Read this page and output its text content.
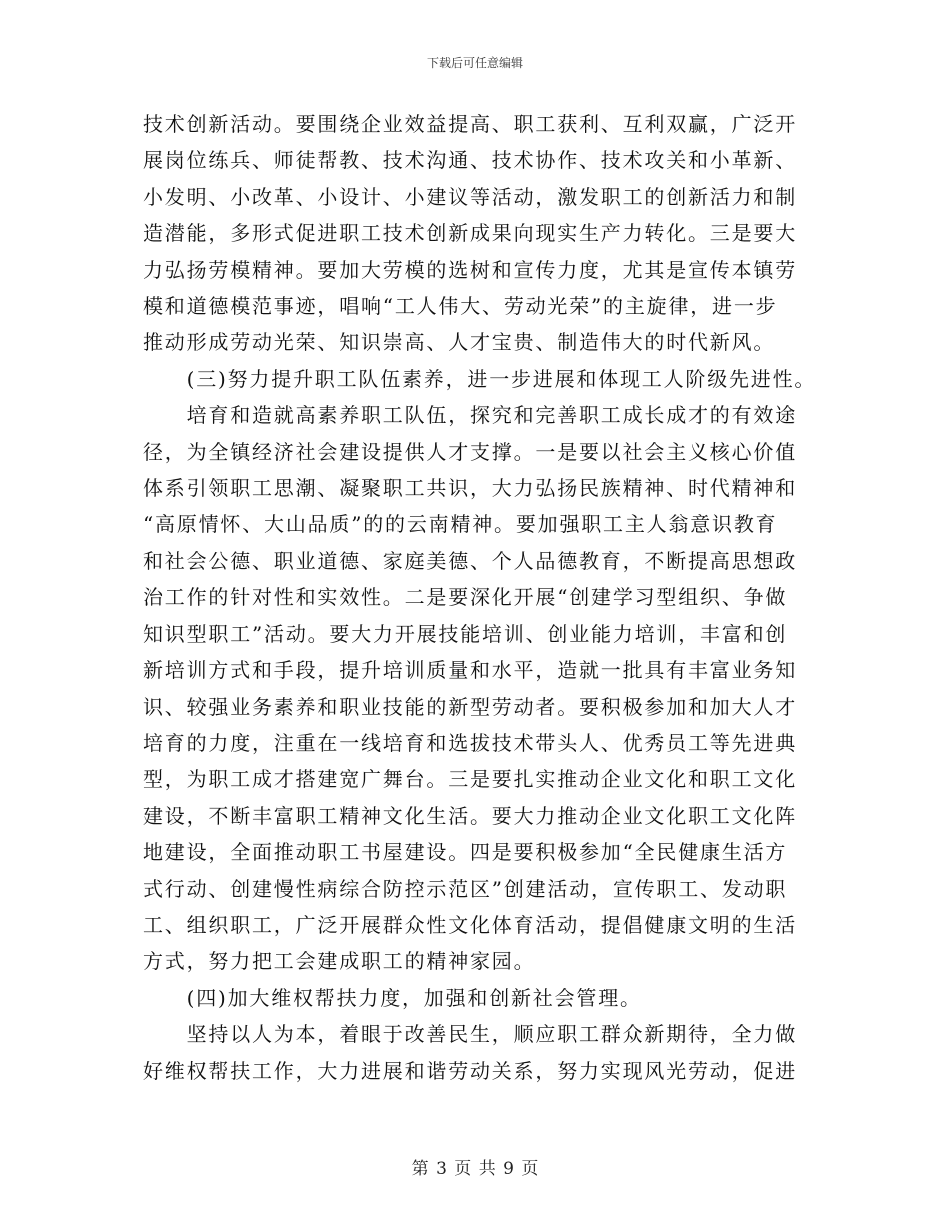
下载后可任意编辑
技术创新活动。要围绕企业效益提高、职工获利、互利双赢，广泛开
展岗位练兵、师徒帮教、技术沟通、技术协作、技术攻关和小革新、
小发明、小改革、小设计、小建议等活动，激发职工的创新活力和制
造潜能，多形式促进职工技术创新成果向现实生产力转化。三是要大
力弘扬劳模精神。要加大劳模的选树和宣传力度，尤其是宣传本镇劳
模和道德模范事迹，唱响“工人伟大、劳动光荣”的主旋律，进一步
推动形成劳动光荣、知识崇高、人才宝贵、制造伟大的时代新风。
　　(三)努力提升职工队伍素养，进一步进展和体现工人阶级先进性。
　　培育和造就高素养职工队伍，探究和完善职工成长成才的有效途
径，为全镇经济社会建设提供人才支撑。一是要以社会主义核心价值
体系引领职工思潮、凝聚职工共识，大力弘扬民族精神、时代精神和
“高原情怀、大山品质”的的云南精神。要加强职工主人翁意识教育
和社会公德、职业道德、家庭美德、个人品德教育，不断提高思想政
治工作的针对性和实效性。二是要深化开展“创建学习型组织、争做
知识型职工”活动。要大力开展技能培训、创业能力培训，丰富和创
新培训方式和手段，提升培训质量和水平，造就一批具有丰富业务知
识、较强业务素养和职业技能的新型劳动者。要积极参加和加大人才
培育的力度，注重在一线培育和选拔技术带头人、优秀员工等先进典
型，为职工成才搭建宽广舞台。三是要扎实推动企业文化和职工文化
建设，不断丰富职工精神文化生活。要大力推动企业文化职工文化阵
地建设，全面推动职工书屋建设。四是要积极参加“全民健康生活方
式行动、创建慢性病综合防控示范区”创建活动，宣传职工、发动职
工、组织职工，广泛开展群众性文化体育活动，提倡健康文明的生活
方式，努力把工会建成职工的精神家园。
　　(四)加大维权帮扶力度，加强和创新社会管理。
　　坚持以人为本，着眼于改善民生，顺应职工群众新期待，全力做
好维权帮扶工作，大力进展和谐劳动关系，努力实现风光劳动，促进
第 3 页 共 9 页
